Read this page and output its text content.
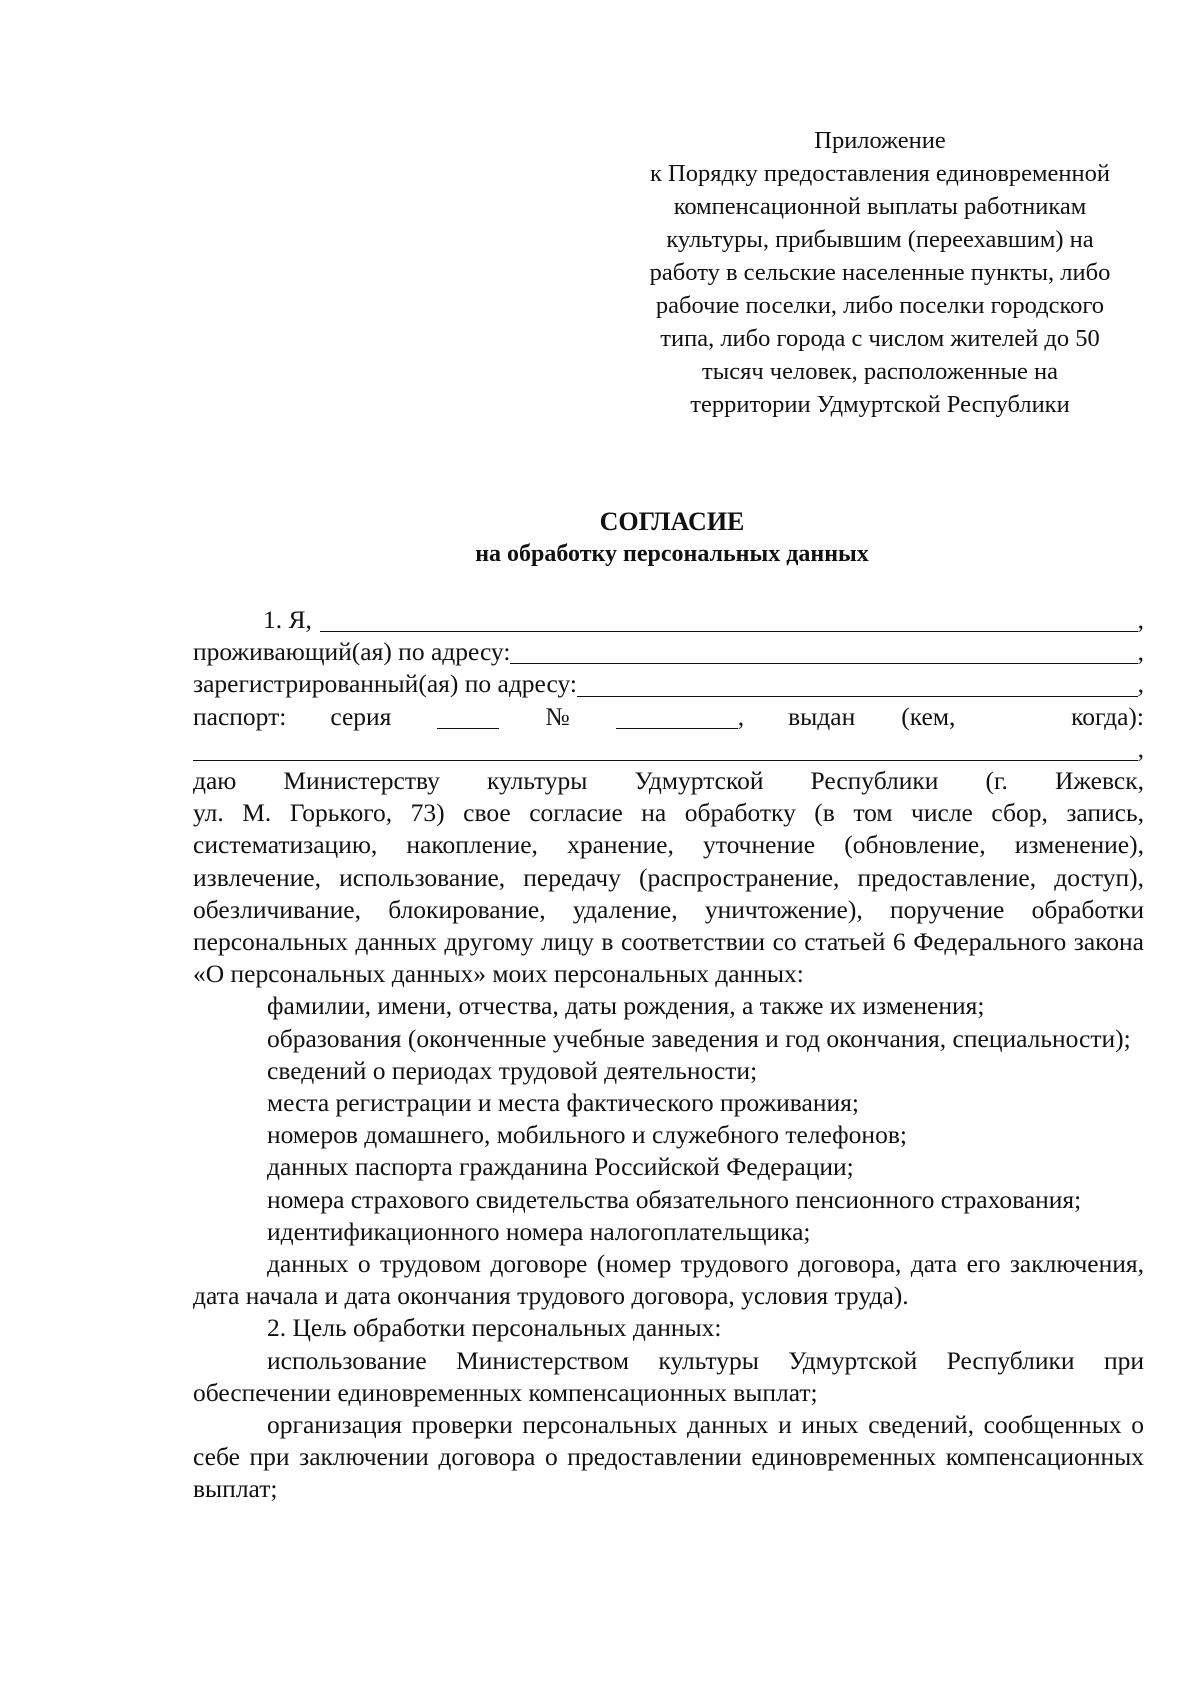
Приложение
к Порядку предоставления единовременной
компенсационной выплаты работникам
культуры, прибывшим (переехавшим) на
работу в сельские населенные пункты, либо
рабочие поселки, либо поселки городского
типа, либо города с числом жителей до 50
тысяч человек, расположенные на
территории Удмуртской Республики
СОГЛАСИЕ
на обработку персональных данных
1. Я,	,
проживающий(ая) по адресу:	,
зарегистрированный(ая) по адресу:	,
паспорт: серия	№	, выдан (кем,	когда):
,
даю Министерству культуры Удмуртской Республики (г. Ижевск,

ул. М. Горького, 73) свое согласие на обработку (в том числе сбор, запись, систематизацию, накопление, хранение, уточнение (обновление, изменение), извлечение, использование, передачу (распространение, предоставление, доступ), обезличивание, блокирование, удаление, уничтожение), поручение обработки персональных данных другому лицу в соответствии со статьей 6 Федерального закона «О персональных данных» моих персональных данных:

фамилии, имени, отчества, даты рождения, а также их изменения;

образования (оконченные учебные заведения и год окончания, специальности);

сведений о периодах трудовой деятельности;

места регистрации и места фактического проживания;

номеров домашнего, мобильного и служебного телефонов;

данных паспорта гражданина Российской Федерации;

номера страхового свидетельства обязательного пенсионного страхования;

идентификационного номера налогоплательщика;

данных о трудовом договоре (номер трудового договора, дата его заключения, дата начала и дата окончания трудового договора, условия труда).

2. Цель обработки персональных данных:

использование Министерством культуры Удмуртской Республики при обеспечении единовременных компенсационных выплат;

организация проверки персональных данных и иных сведений, сообщенных о себе при заключении договора о предоставлении единовременных компенсационных выплат;
